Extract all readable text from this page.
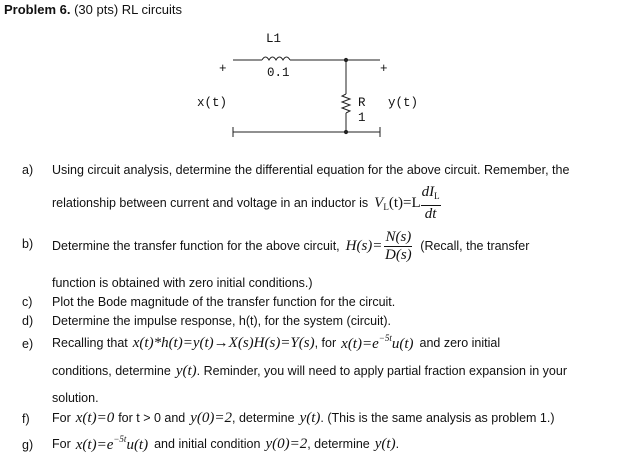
Problem 6. (30 pts) RL circuits
L1
0.1
+	+
x(t)	y(t)
R
1
a) Using circuit analysis, determine the differential equation for the above circuit. Remember, the
relationship between current and voltage in an inductor is $V_L(t)=L \frac{dI_L}{dt}$
b) Determine the transfer function for the above circuit, $H(s)= \frac{N(s)}{D(s)}$ (Recall, the transfer
function is obtained with zero initial conditions.)
c) Plot the Bode magnitude of the transfer function for the circuit.
d) Determine the impulse response, h(t), for the system (circuit).
e) Recalling that x(t)*h(t)=y(t)→X(s)H(s)=Y(s) , for $x(t)=e^{-5t}u(t)$ and zero initial
conditions, determine y(t) . Reminder, you will need to apply partial fraction expansion in your
solution.
f) For x(t)=0 for t > 0 and y(0)=2 , determine y(t) . (This is the same analysis as problem 1.)
g) For $x(t)=e^{-5t}u(t)$ and initial condition y(0)=2 , determine y(t) .
